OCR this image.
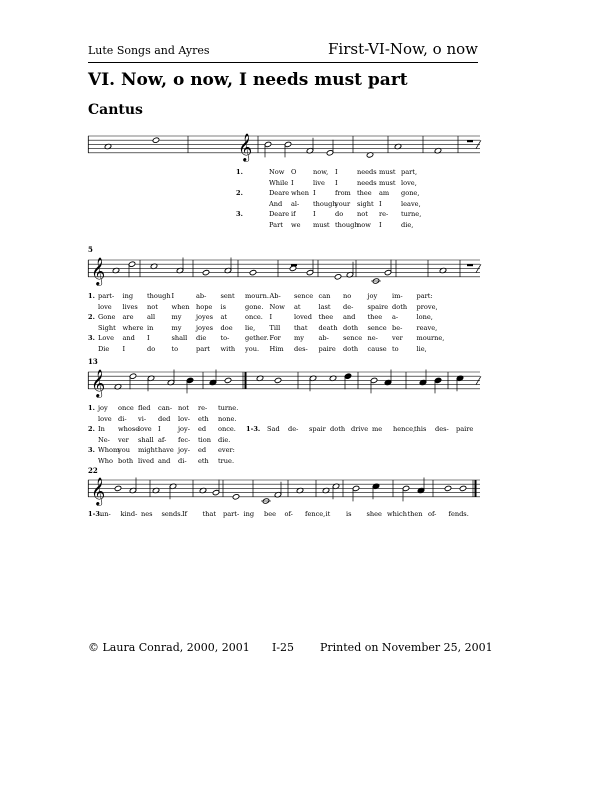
Lute Songs and Ayres	First-VI-Now, o now
VI. Now, o now, I needs must part
Cantus
𝄞
1.	Now O	now, I	needs must part,
While I	live I	needs must love,
2.	Deare when I	from thee am gone,
And al- though
your sight I	leave,
3.	Deare if	I	do not re- turne,
Part we must though
now I	die,
5
𝄞
1. part- ing though I	ab- sent mourn. Ab- sence can no joy im- part:
love lives not when hope is	gone. Now at	last de- spaire doth prove,
2. Gone are all my joyes at	once. I	loved thee and thee a-	lone,
Sight where in	my joyes doe lie, Till that death doth sence be- reave,
3. Love and I	shall die to- gether. For my ab- sence ne- ver mourne,
Die I	do to	part with you. Him des- paire doth cause to	lie,
13
𝄞
1. joy once fled can- not re- turne.
love di- vi- ded lov- eth none.
2. In whose
love I	joy- ed once. 1-3. Sad de- spair doth drive me hence,
this des- paire
Ne- ver shall af- fec- tion die.
3. Whom
you might have joy- ed ever:
Who both lived and di- eth true.
22
𝄞
1-3.
un- kind- nes sends. If that part- ing bee of- fence, it is shee which then of- fends.
© Laura Conrad, 2000, 2001 I-25 Printed on November 25, 2001
